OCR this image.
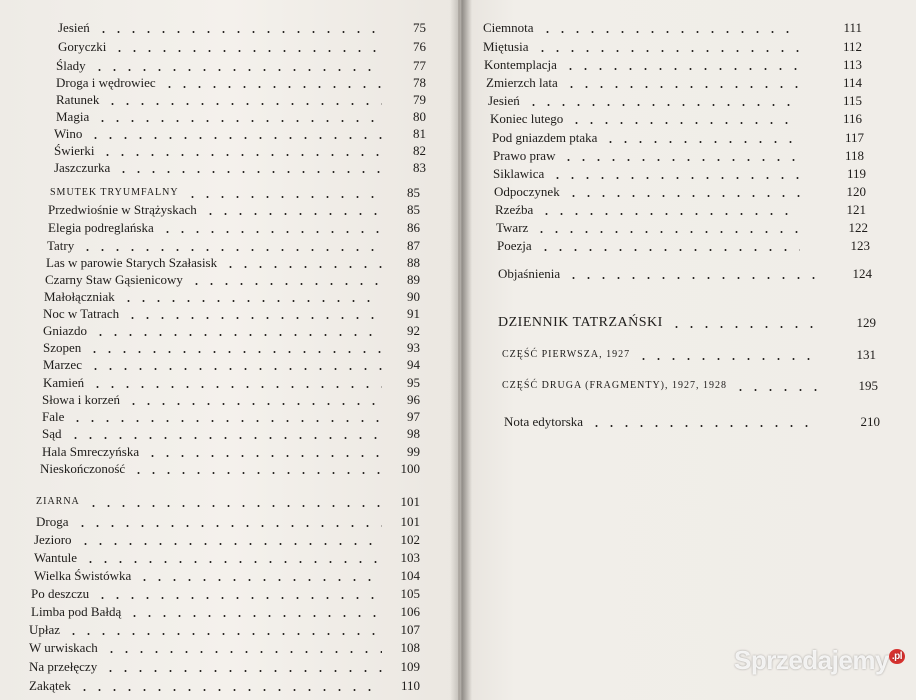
Jesień	75
Goryczki	76
Ślady	77
Droga i wędrowiec	78
Ratunek	79
Magia	80
Wino	81
Świerki	82
Jaszczurka	83
SMUTEK TRYUMFALNY	85
Przedwiośnie w Strążyskach	85
Elegia podreglańska	86
Tatry	87
Las w parowie Starych Szałasisk	88
Czarny Staw Gąsienicowy	89
Małołączniak	90
Noc w Tatrach	91
Gniazdo	92
Szopen	93
Marzec	94
Kamień	95
Słowa i korzeń	96
Fale	97
Sąd	98
Hala Smreczyńska	99
Nieskończoność	100
ZIARNA	101
Droga	101
Jezioro	102
Wantule	103
Wielka Świstówka	104
Po deszczu	105
Limba pod Bałdą	106
Upłaz	107
W urwiskach	108
Na przełęczy	109
Zakątek	110
Ciemnota	111
Miętusia	112
Kontemplacja	113
Zmierzch lata	114
Jesień	115
Koniec lutego	116
Pod gniazdem ptaka	117
Prawo praw	118
Siklawica	119
Odpoczynek	120
Rzeźba	121
Twarz	122
Poezja	123
Objaśnienia	124
DZIENNIK TATRZAŃSKI	129
CZĘŚĆ PIERWSZA, 1927	131
CZĘŚĆ DRUGA (FRAGMENTY), 1927, 1928	195
Nota edytorska	210
Sprzedajemy $^{.pl}$
